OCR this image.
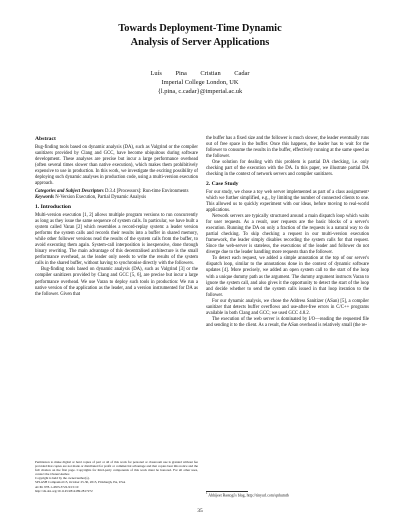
Towards Deployment-Time Dynamic
Analysis of Server Applications
Luís Pina Cristian Cadar
Imperial College London, UK
{l.pina, c.cadar}@imperial.ac.uk
Abstract

Bug-finding tools based on dynamic analysis (DA), such as Valgrind or the compiler sanitizers provided by Clang and GCC, have become ubiquitous during software development. These analyses are precise but incur a large performance overhead (often several times slower than native execution), which makes them prohibitively expensive to use in production. In this work, we investigate the exciting possibility of deploying such dynamic analyses in production code, using a multi-version execution approach.

Categories and Subject Descriptors D.3.4 [Processors]: Run-time Environments

Keywords N-Version Execution, Partial Dynamic Analysis

1. Introduction

Multi-version execution [1, 2] allows multiple program versions to run concurrently as long as they issue the same sequence of system calls. In particular, we have built a system called Varan [2] which resembles a record-replay system: a leader version performs the system calls and records their results into a buffer in shared memory, while other follower versions read the results of the system calls from the buffer, to avoid executing them again. System-call interposition is inexpensive, done through binary rewriting. The main advantage of this decentralised architecture is the small performance overhead, as the leader only needs to write the results of the system calls in the shared buffer, without having to synchronise directly with the followers.

Bug-finding tools based on dynamic analysis (DA), such as Valgrind [3] or the compiler sanitizers provided by Clang and GCC [5, 6], are precise but incur a large performance overhead. We use Varan to deploy such tools in production: We run a native version of the application as the leader, and a version instrumented for DA as the follower. Given that

Permission to make digital or hard copies of part or all of this work for personal or classroom use is granted without fee provided that copies are not made or distributed for profit or commercial advantage and that copies bear this notice and the full citation on the first page. Copyrights for third-party components of this work must be honored. For all other uses, contact the Owner/Author.
Copyright is held by the owner/author(s).
SPLASH Companion'15, October 25-30, 2015, Pittsburgh, PA, USA
ACM. 978-1-4503-3722-9/15/10
http://dx.doi.org/10.1145/2814189.2817272

the buffer has a fixed size and the follower is much slower, the leader eventually runs out of free space in the buffer. Once this happens, the leader has to wait for the follower to consume the results in the buffer, effectively running at the same speed as the follower.

One solution for dealing with this problem is partial DA checking, i.e. only checking part of the execution with the DA. In this paper, we illustrate partial DA checking in the context of network servers and compiler sanitizers.

2. Case Study

For our study, we chose a toy web server implemented as part of a class assignment¹ which we further simplified, e.g., by limiting the number of connected clients to one. This allowed us to quickly experiment with our ideas, before moving to real-world applications.

Network servers are typically structured around a main dispatch loop which waits for user requests. As a result, user requests are the basic blocks of a server's execution. Running the DA on only a fraction of the requests is a natural way to do partial checking. To skip checking a request in our multi-version execution framework, the leader simply disables recording the system calls for that request. Since the web-server is stateless, the executions of the leader and follower do not diverge due to the leader handling more requests than the follower.

To detect each request, we added a simple annotation at the top of our server's dispatch loop, similar to the annotations done in the context of dynamic software updates [4]. More precisely, we added an open system call to the start of the loop with a unique dummy path as the argument. The dummy argument instructs Varan to ignore the system call, and also gives it the opportunity to detect the start of the loop and decide whether to send the system calls issued in that loop iteration to the follower.

For our dynamic analysis, we chose the Address Sanitizer (ASan) [5], a compiler sanitizer that detects buffer overflows and use-after-free errors in C/C++ programs available in both Clang and GCC; we used GCC 4.8.2.

The execution of the web server is dominated by I/O—reading the requested file and sending it to the client. As a result, the ASan overhead is relatively small (the re-

$^1$ Abhijeet Rastogi's blog, http://tinyurl.com/qnhumtb
35
